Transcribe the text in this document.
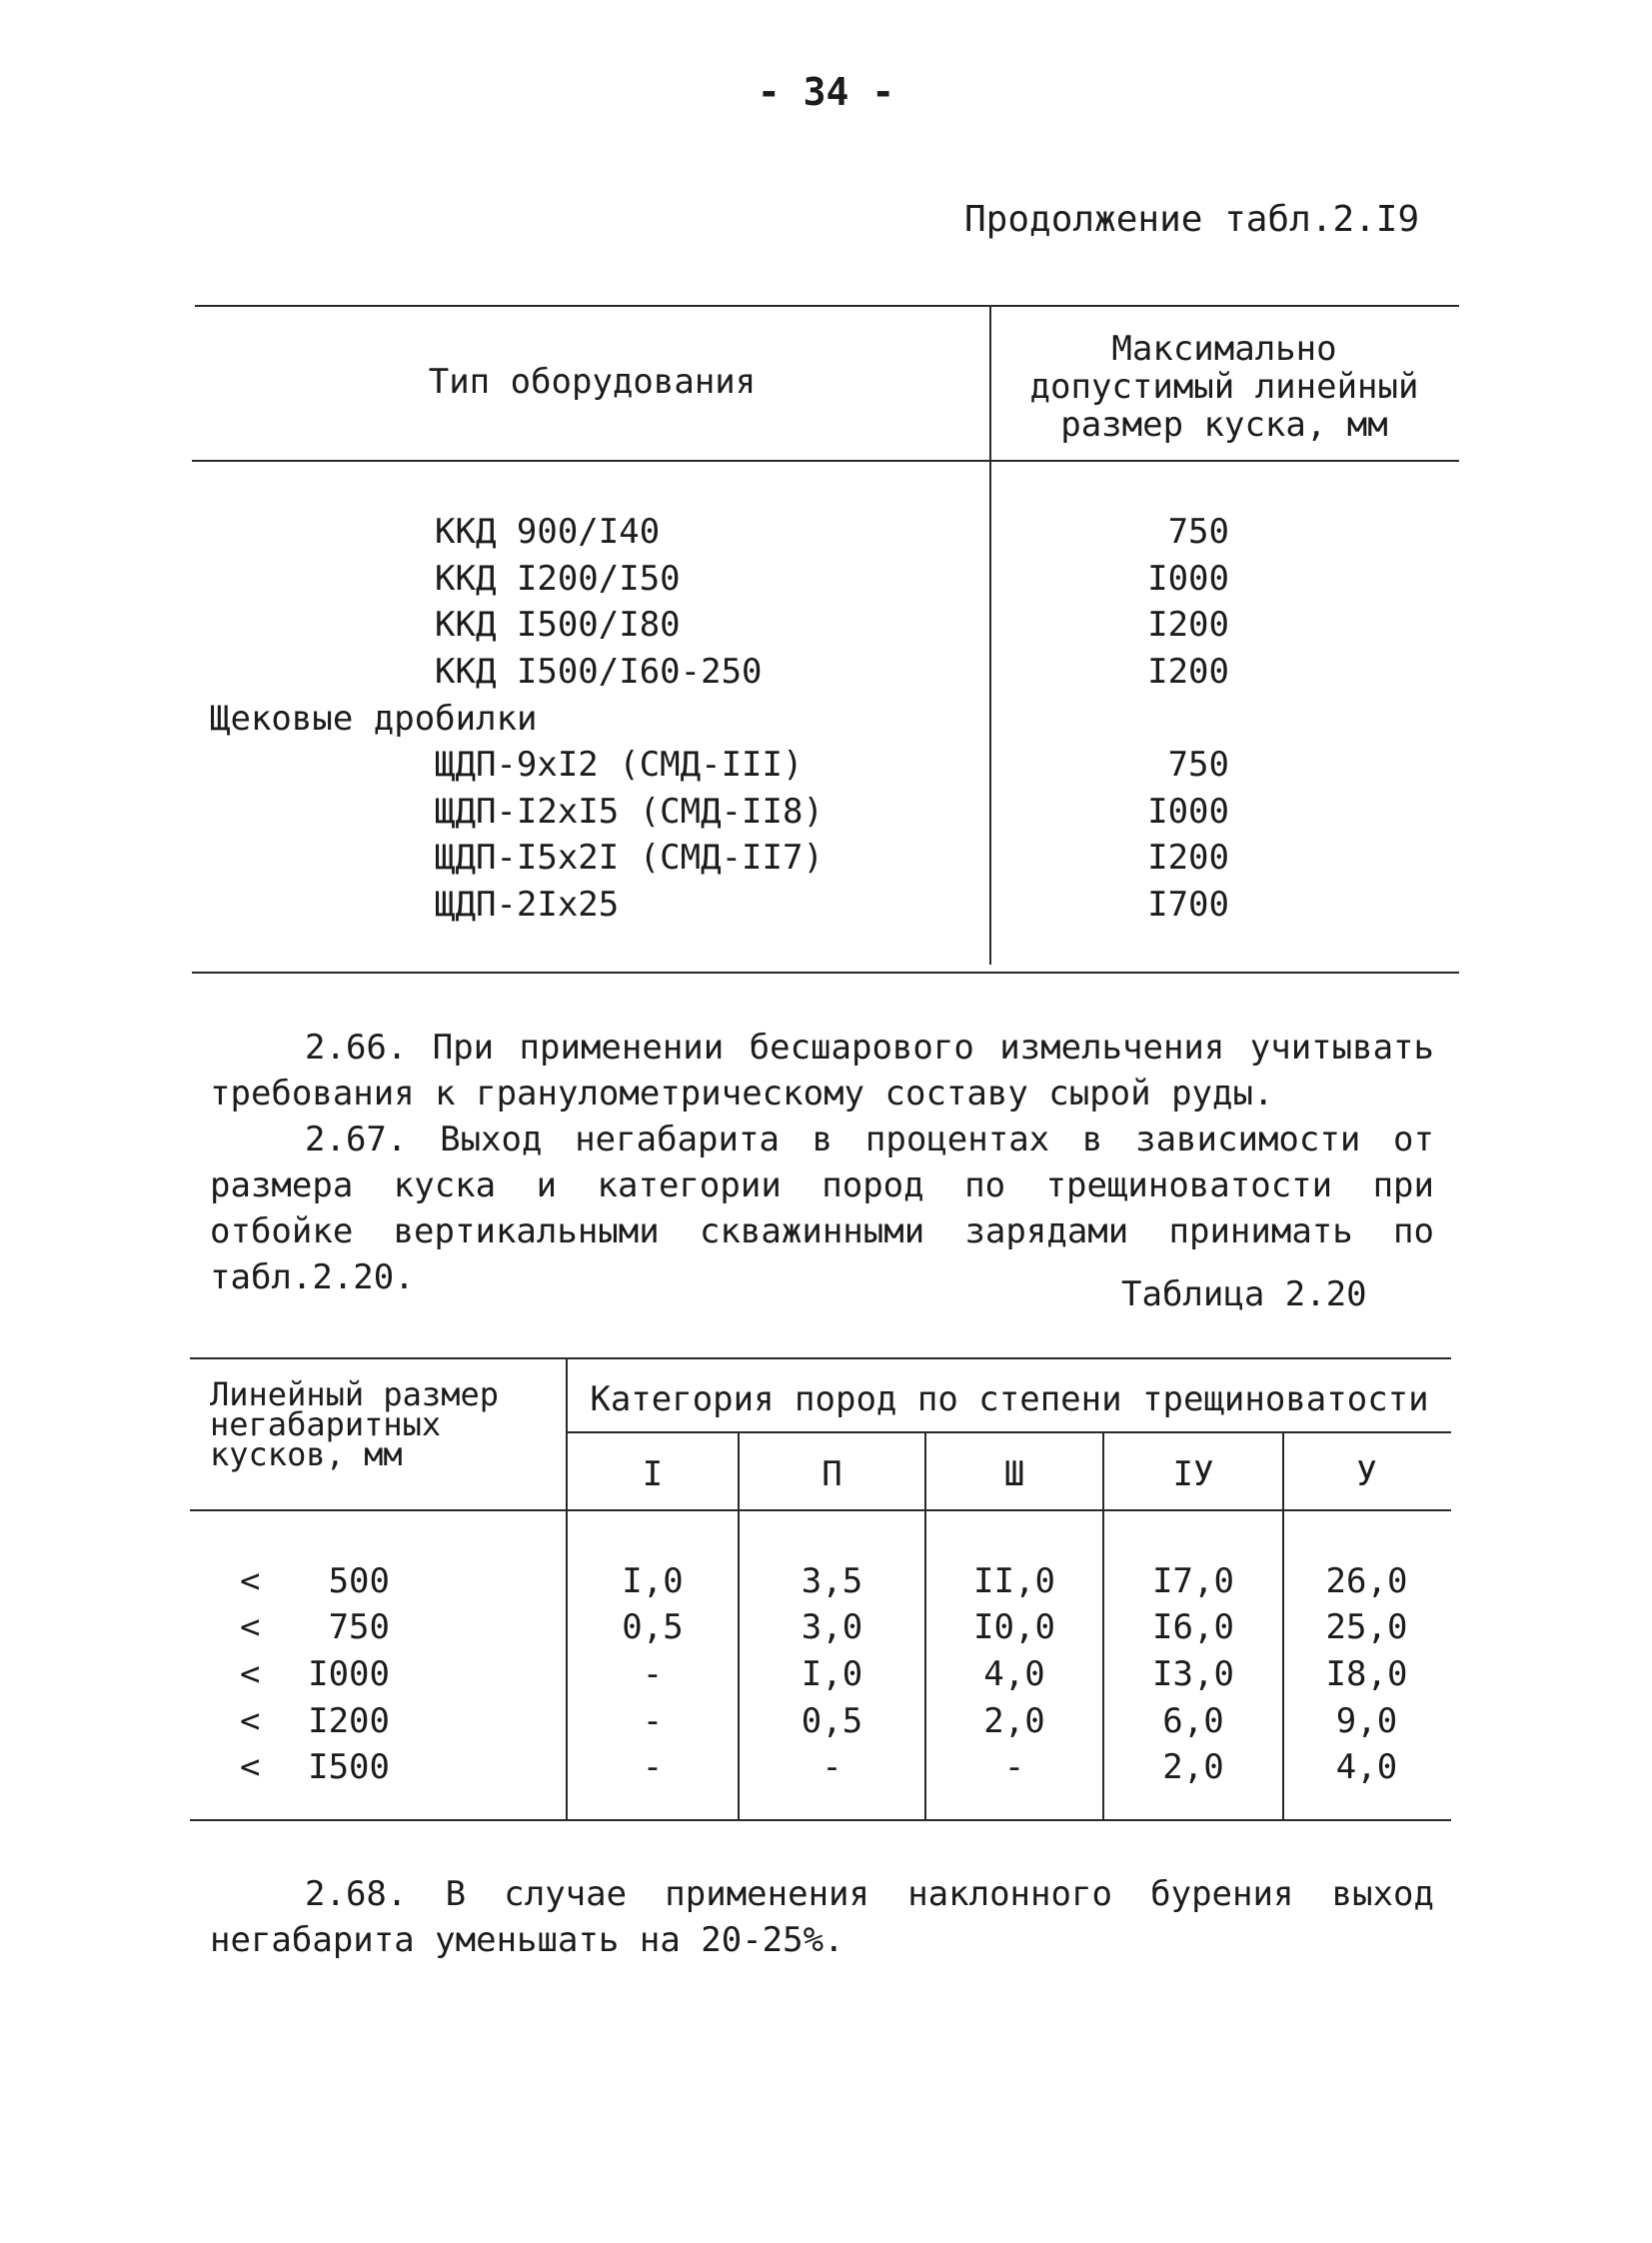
- 34 -
Продолжение табл.2.I9
Тип оборудования
Максимально допустимый линейный размер куска, мм
ККД 900/I40	750
ККД I200/I50	I000
ККД I500/I80	I200
ККД I500/I60-250	I200
Щековые дробилки
ЩДП-9хI2 (СМД-III)	750
ЩДП-I2хI5 (СМД-II8)	I000
ЩДП-I5х2I (СМД-II7)	I200
ЩДП-2Iх25	I700
2.66. При применении бесшарового измельчения учитывать требования к гранулометрическому составу сырой руды.
2.67. Выход негабарита в процентах в зависимости от размера куска и категории пород по трещиноватости при отбойке вертикальными скважинными зарядами принимать по табл.2.20.	Таблица 2.20
Линейный размер негабаритных кусков, мм
Категория пород по степени трещиноватости
I	П	Ш	IУ	У
< 500	I,0	3,5	II,0	I7,0	26,0
< 750	0,5	3,0	I0,0	I6,0	25,0
< I000	-	I,0	4,0	I3,0	I8,0
< I200	-	0,5	2,0	6,0	9,0
< I500	-	-	-	2,0	4,0
2.68. В случае применения наклонного бурения выход негабарита уменьшать на 20-25%.
